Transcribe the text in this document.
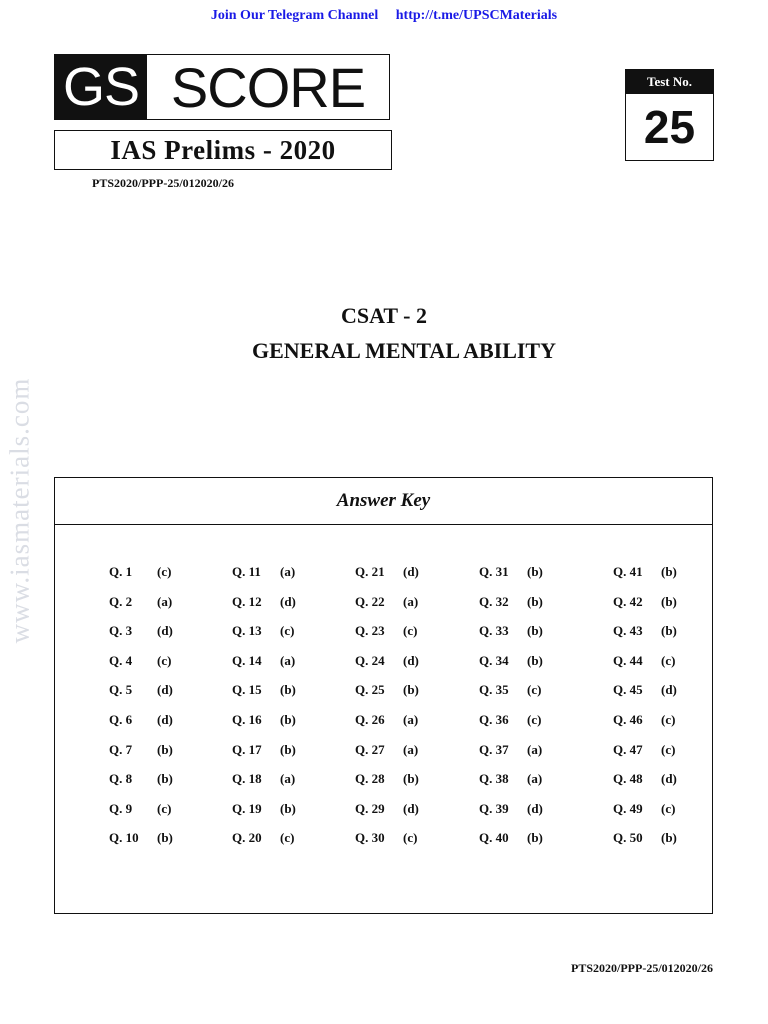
Join Our Telegram Channel http://t.me/UPSCMaterials
GS SCORE
IAS Prelims - 2020
PTS2020/PPP-25/012020/26
Test No.
25
www.iasmaterials.com
CSAT - 2
GENERAL MENTAL ABILITY
Answer Key
Q. 1 (c)
Q. 2 (a)
Q. 3 (d)
Q. 4 (c)
Q. 5 (d)
Q. 6 (d)
Q. 7 (b)
Q. 8 (b)
Q. 9 (c)
Q. 10 (b)
Q. 11 (a)
Q. 12 (d)
Q. 13 (c)
Q. 14 (a)
Q. 15 (b)
Q. 16 (b)
Q. 17 (b)
Q. 18 (a)
Q. 19 (b)
Q. 20 (c)
Q. 21 (d)
Q. 22 (a)
Q. 23 (c)
Q. 24 (d)
Q. 25 (b)
Q. 26 (a)
Q. 27 (a)
Q. 28 (b)
Q. 29 (d)
Q. 30 (c)
Q. 31 (b)
Q. 32 (b)
Q. 33 (b)
Q. 34 (b)
Q. 35 (c)
Q. 36 (c)
Q. 37 (a)
Q. 38 (a)
Q. 39 (d)
Q. 40 (b)
Q. 41 (b)
Q. 42 (b)
Q. 43 (b)
Q. 44 (c)
Q. 45 (d)
Q. 46 (c)
Q. 47 (c)
Q. 48 (d)
Q. 49 (c)
Q. 50 (b)
PTS2020/PPP-25/012020/26
